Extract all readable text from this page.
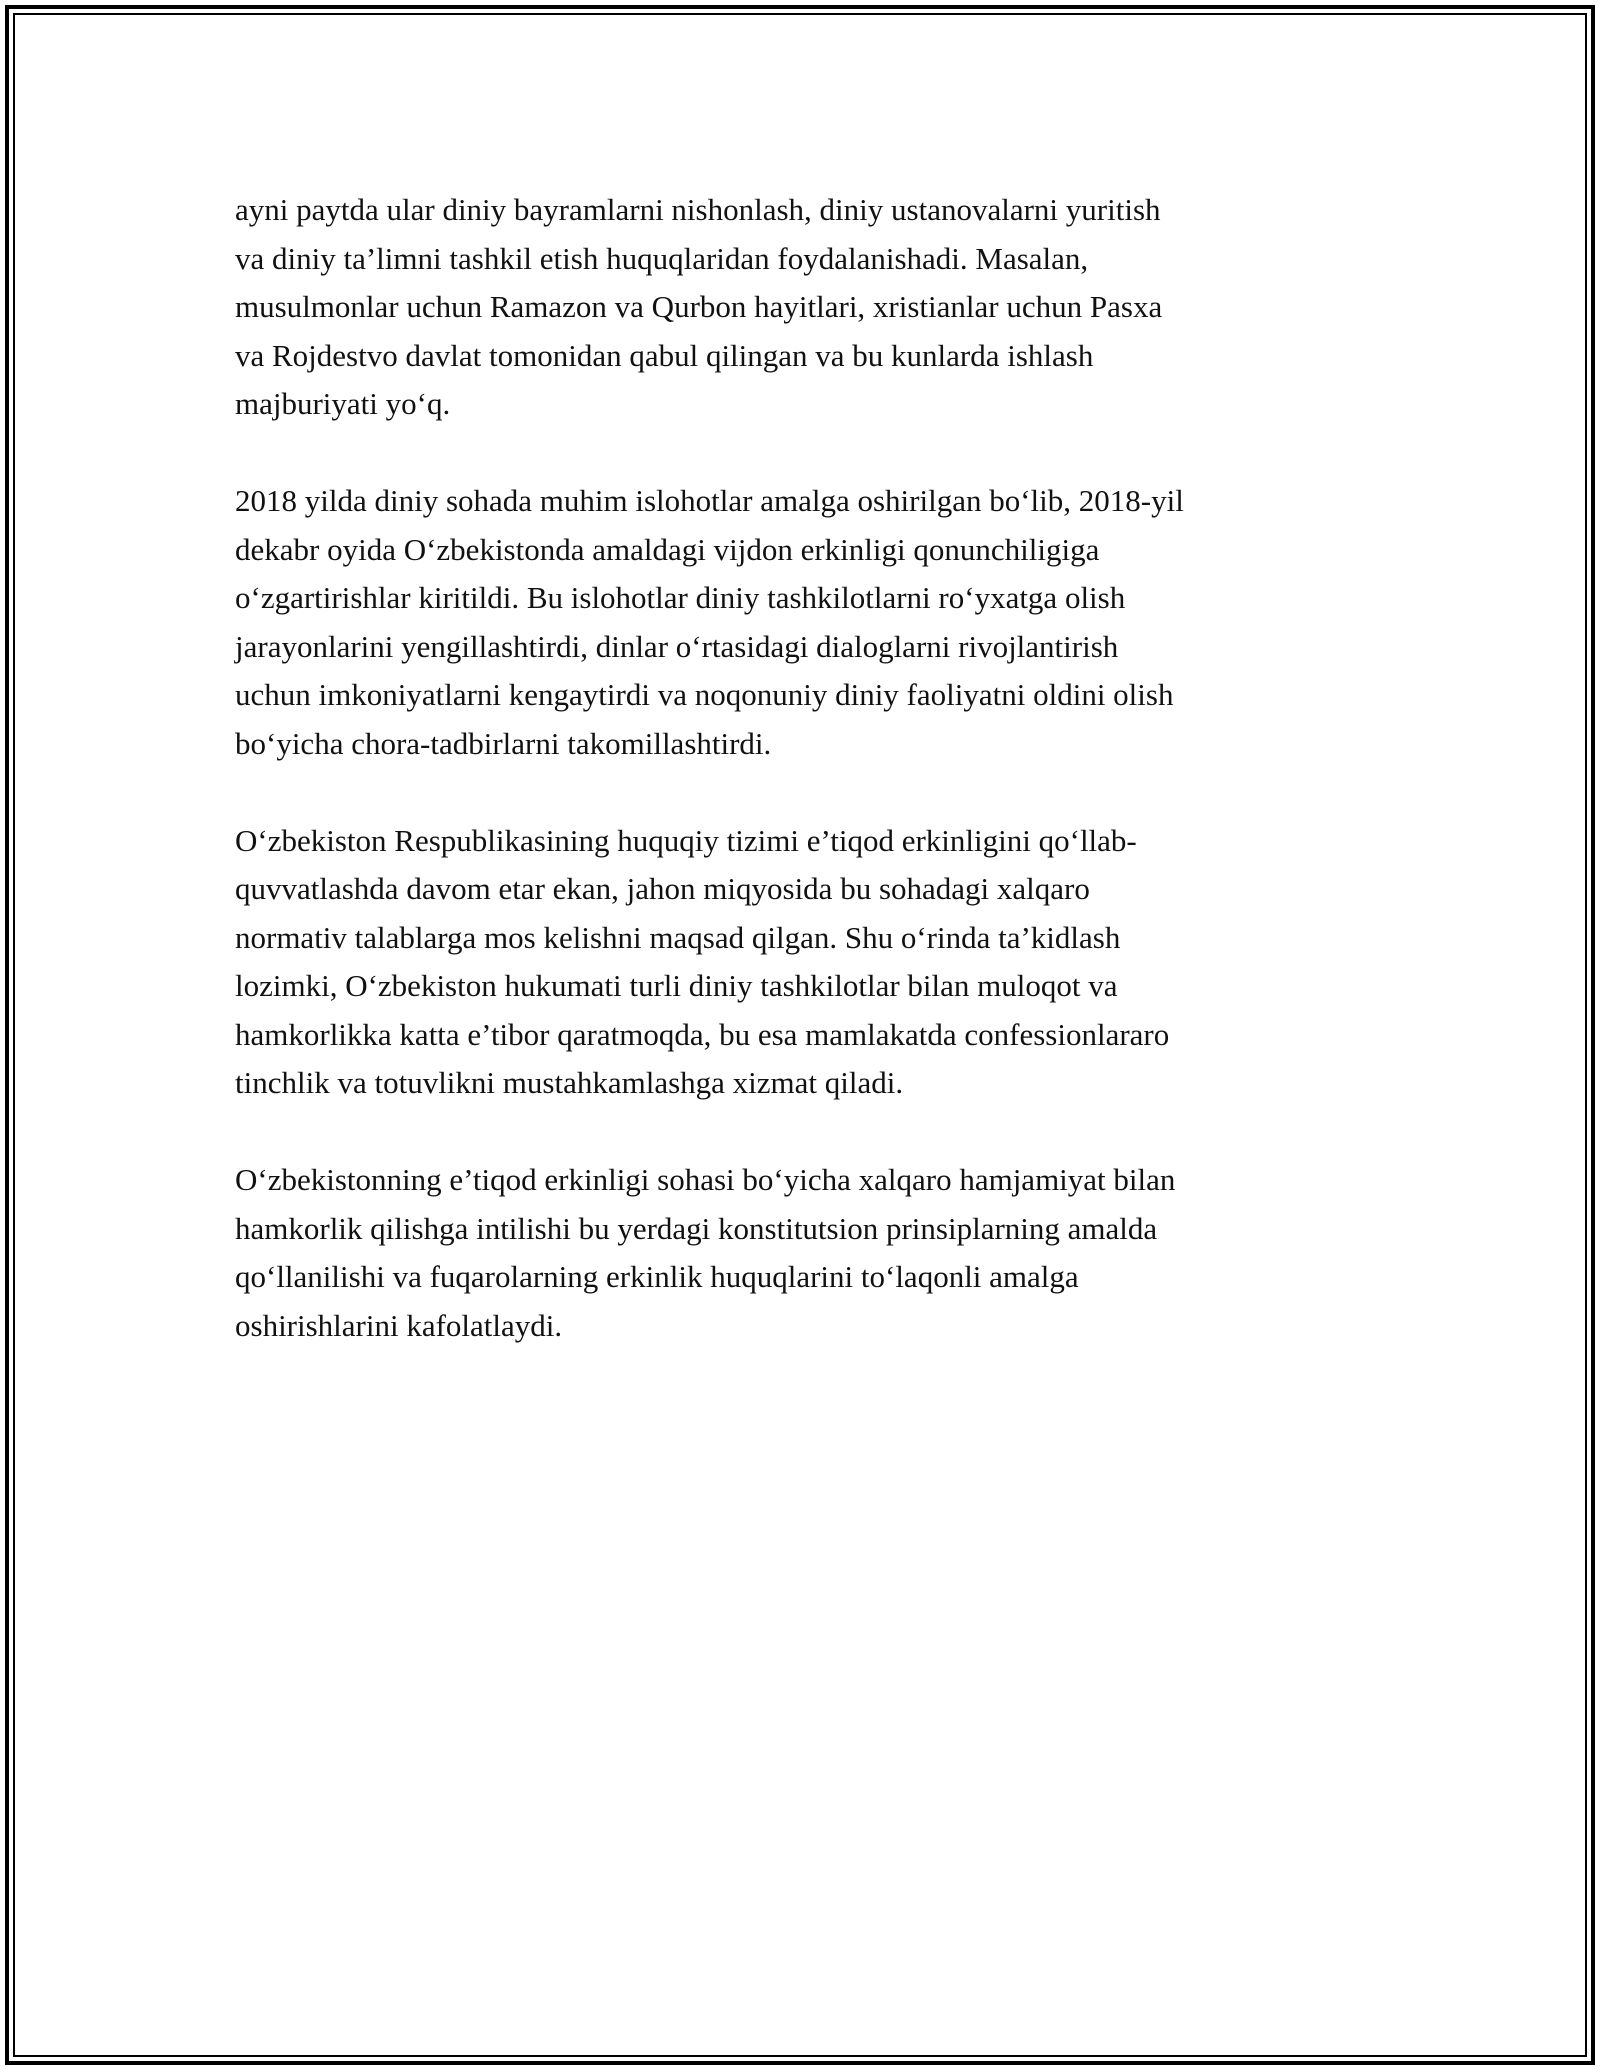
ayni paytda ular diniy bayramlarni nishonlash, diniy ustanovalarni yuritish
va diniy ta’limni tashkil etish huquqlaridan foydalanishadi. Masalan,
musulmonlar uchun Ramazon va Qurbon hayitlari, xristianlar uchun Pasxa
va Rojdestvo davlat tomonidan qabul qilingan va bu kunlarda ishlash
majburiyati yo‘q.

2018 yilda diniy sohada muhim islohotlar amalga oshirilgan bo‘lib, 2018-yil
dekabr oyida O‘zbekistonda amaldagi vijdon erkinligi qonunchiligiga
o‘zgartirishlar kiritildi. Bu islohotlar diniy tashkilotlarni ro‘yxatga olish
jarayonlarini yengillashtirdi, dinlar o‘rtasidagi dialoglarni rivojlantirish
uchun imkoniyatlarni kengaytirdi va noqonuniy diniy faoliyatni oldini olish
bo‘yicha chora-tadbirlarni takomillashtirdi.

O‘zbekiston Respublikasining huquqiy tizimi e’tiqod erkinligini qo‘llab-
quvvatlashda davom etar ekan, jahon miqyosida bu sohadagi xalqaro
normativ talablarga mos kelishni maqsad qilgan. Shu o‘rinda ta’kidlash
lozimki, O‘zbekiston hukumati turli diniy tashkilotlar bilan muloqot va
hamkorlikka katta e’tibor qaratmoqda, bu esa mamlakatda confessionlararo
tinchlik va totuvlikni mustahkamlashga xizmat qiladi.

O‘zbekistonning e’tiqod erkinligi sohasi bo‘yicha xalqaro hamjamiyat bilan
hamkorlik qilishga intilishi bu yerdagi konstitutsion prinsiplarning amalda
qo‘llanilishi va fuqarolarning erkinlik huquqlarini to‘laqonli amalga
oshirishlarini kafolatlaydi.
